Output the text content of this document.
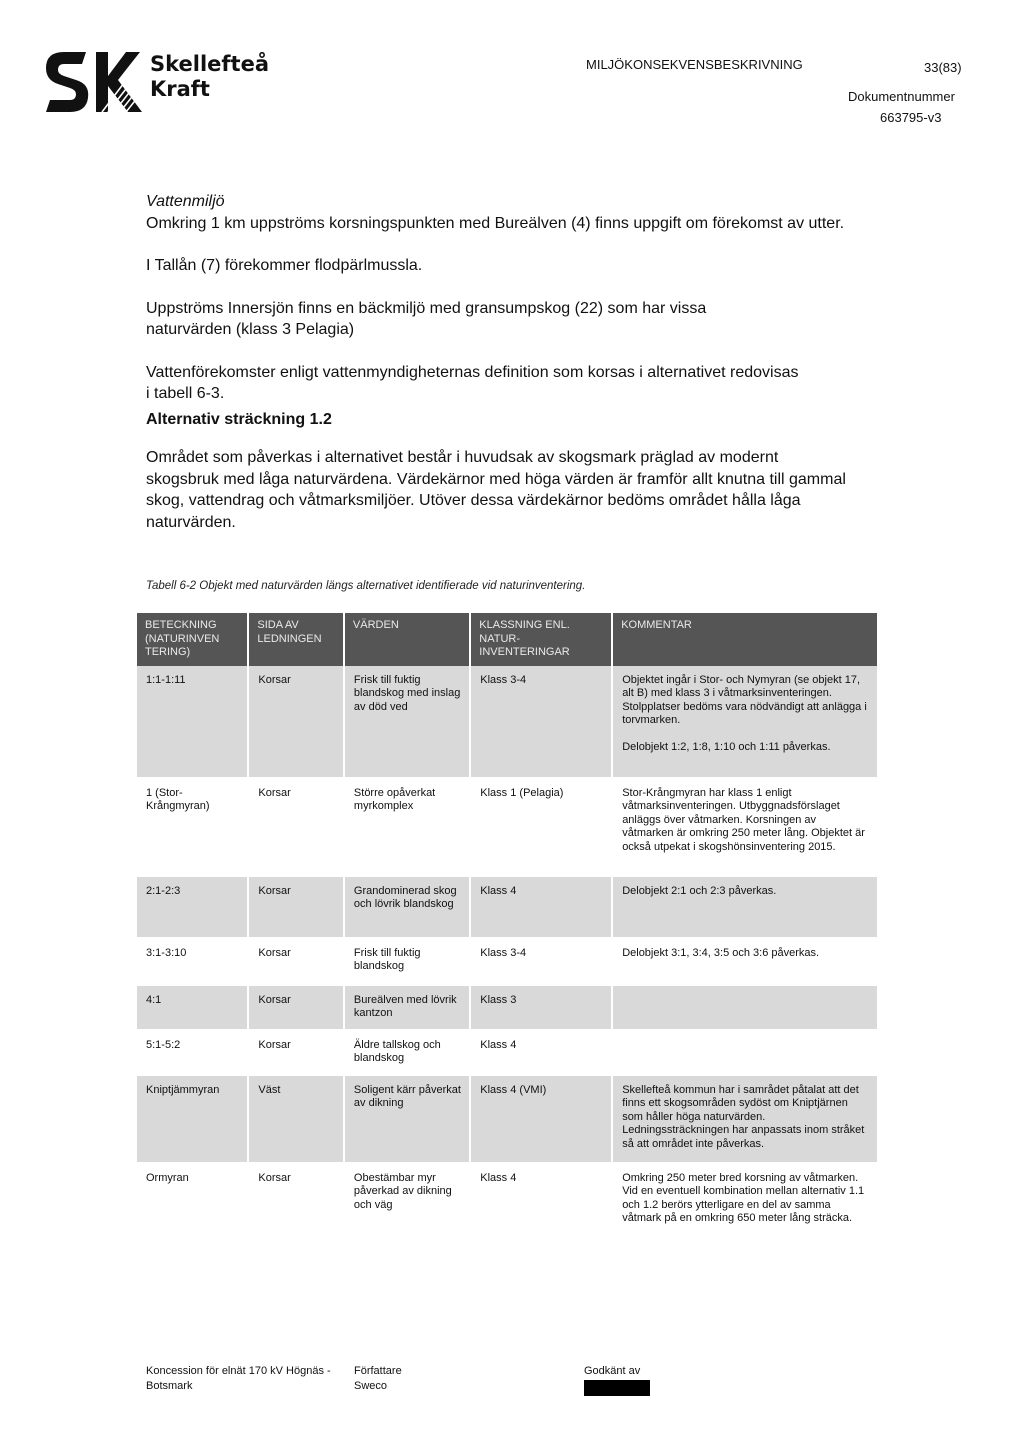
Skellefteå
Kraft
MILJÖKONSEKVENSBESKRIVNING	33(83)
Dokumentnummer
663795-v3

Vattenmiljö

Omkring 1 km uppströms korsningspunkten med Bureälven (4) finns uppgift om förekomst av utter.

I Tallån (7) förekommer flodpärlmussla.

Uppströms Innersjön finns en bäckmiljö med gransumpskog (22) som har vissa naturvärden (klass 3 Pelagia)

Vattenförekomster enligt vattenmyndigheternas definition som korsas i alternativet redovisas i tabell 6-3.

Alternativ sträckning 1.2

Området som påverkas i alternativet består i huvudsak av skogsmark präglad av modernt skogsbruk med låga naturvärdena. Värdekärnor med höga värden är framför allt knutna till gammal skog, vattendrag och våtmarksmiljöer. Utöver dessa värdekärnor bedöms området hålla låga naturvärden.

Tabell 6-2 Objekt med naturvärden längs alternativet identifierade vid naturinventering.
BETECKNING (NATURINVEN TERING)	SIDA AV LEDNINGEN	VÄRDEN	KLASSNING ENL. NATUR-INVENTERINGAR	KOMMENTAR
1:1-1:11	Korsar	Frisk till fuktig blandskog med inslag av död ved	Klass 3-4	Objektet ingår i Stor- och Nymyran (se objekt 17, alt B) med klass 3 i våtmarksinventeringen. Stolpplatser bedöms vara nödvändigt att anlägga i torvmarken.
Delobjekt 1:2, 1:8, 1:10 och 1:11 påverkas.

1 (Stor-Krångmyran)	Korsar	Större opåverkat myrkomplex	Klass 1 (Pelagia)	Stor-Krångmyran har klass 1 enligt våtmarksinventeringen. Utbyggnadsförslaget anläggs över våtmarken. Korsningen av våtmarken är omkring 250 meter lång. Objektet är också utpekat i skogshönsinventering 2015.
2:1-2:3	Korsar	Grandominerad skog och lövrik blandskog	Klass 4	Delobjekt 2:1 och 2:3 påverkas.
3:1-3:10	Korsar	Frisk till fuktig blandskog	Klass 3-4	Delobjekt 3:1, 3:4, 3:5 och 3:6 påverkas.
4:1	Korsar	Bureälven med lövrik kantzon	Klass 3	
5:1-5:2	Korsar	Äldre tallskog och blandskog	Klass 4	
Kniptjämmyran	Väst	Soligent kärr påverkat av dikning	Klass 4 (VMI)	Skellefteå kommun har i samrådet påtalat att det finns ett skogsområden sydöst om Kniptjärnen som håller höga naturvärden. Ledningssträckningen har anpassats inom stråket så att området inte påverkas.
Ormyran	Korsar	Obestämbar myr påverkad av dikning och väg	Klass 4	Omkring 250 meter bred korsning av våtmarken. Vid en eventuell kombination mellan alternativ 1.1 och 1.2 berörs ytterligare en del av samma våtmark på en omkring 650 meter lång sträcka.
Koncession för elnät 170 kV Högnäs - Botsmark
Författare
Sweco
Godkänt av
